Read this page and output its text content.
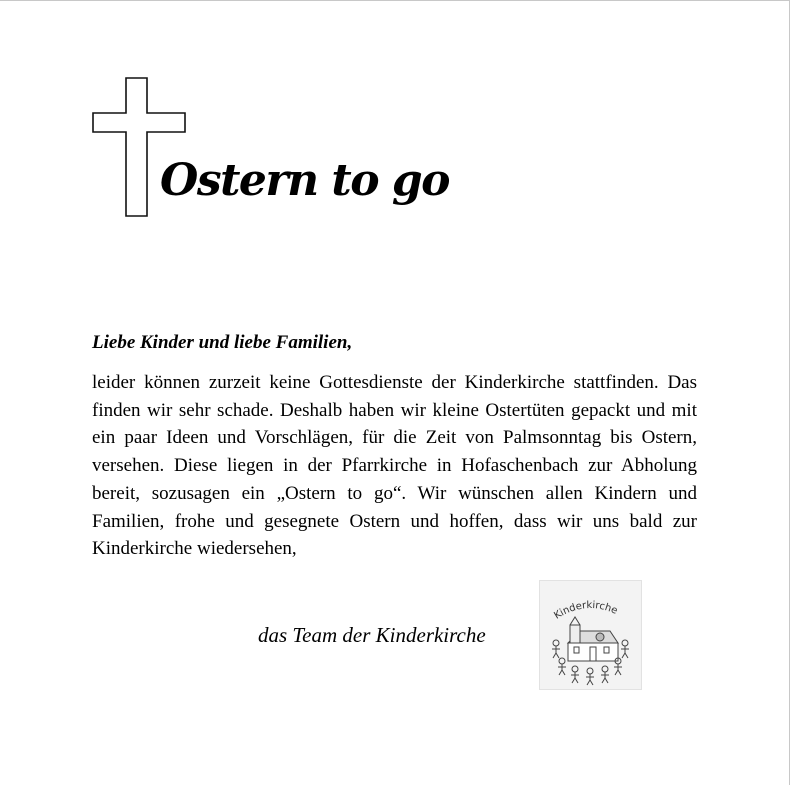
Ostern to go
Liebe Kinder und liebe Familien,

leider können zurzeit keine Gottesdienste der Kinderkirche stattfinden. Das finden wir sehr schade. Deshalb haben wir kleine Ostertüten gepackt und mit ein paar Ideen und Vorschlägen, für die Zeit von Palmsonntag bis Ostern, versehen. Diese liegen in der Pfarrkirche in Hofaschenbach zur Abholung bereit, sozusagen ein „Ostern to go“. Wir wünschen allen Kindern und Familien, frohe und gesegnete Ostern und hoffen, dass wir uns bald zur Kinderkirche wiedersehen,

das Team der Kinderkirche
Kinderkirche
